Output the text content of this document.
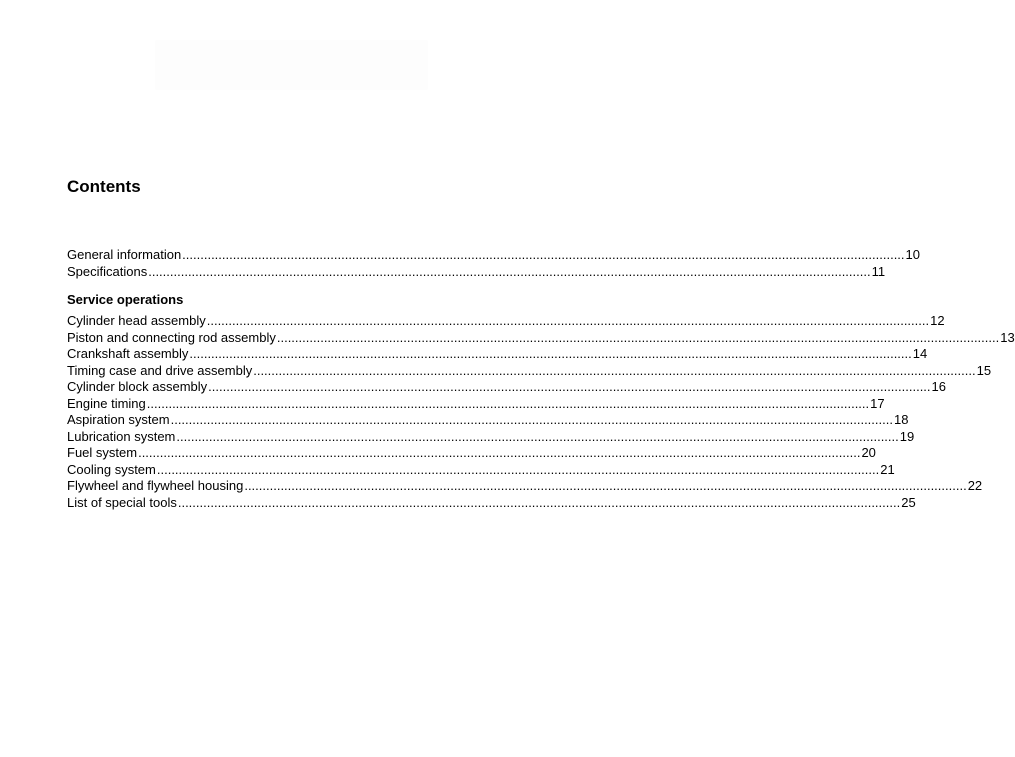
Contents
General information ........................................................................................................................................................................................................ 10
Specifications ........................................................................................................................................................................................................ 11
Service operations
Cylinder head assembly ........................................................................................................................................................................................................ 12
Piston and connecting rod assembly ........................................................................................................................................................................................................ 13
Crankshaft assembly ........................................................................................................................................................................................................ 14
Timing case and drive assembly ........................................................................................................................................................................................................ 15
Cylinder block assembly ........................................................................................................................................................................................................ 16
Engine timing ........................................................................................................................................................................................................ 17
Aspiration system ........................................................................................................................................................................................................ 18
Lubrication system ........................................................................................................................................................................................................ 19
Fuel system ........................................................................................................................................................................................................ 20
Cooling system ........................................................................................................................................................................................................ 21
Flywheel and flywheel housing ........................................................................................................................................................................................................ 22
List of special tools ........................................................................................................................................................................................................ 25
